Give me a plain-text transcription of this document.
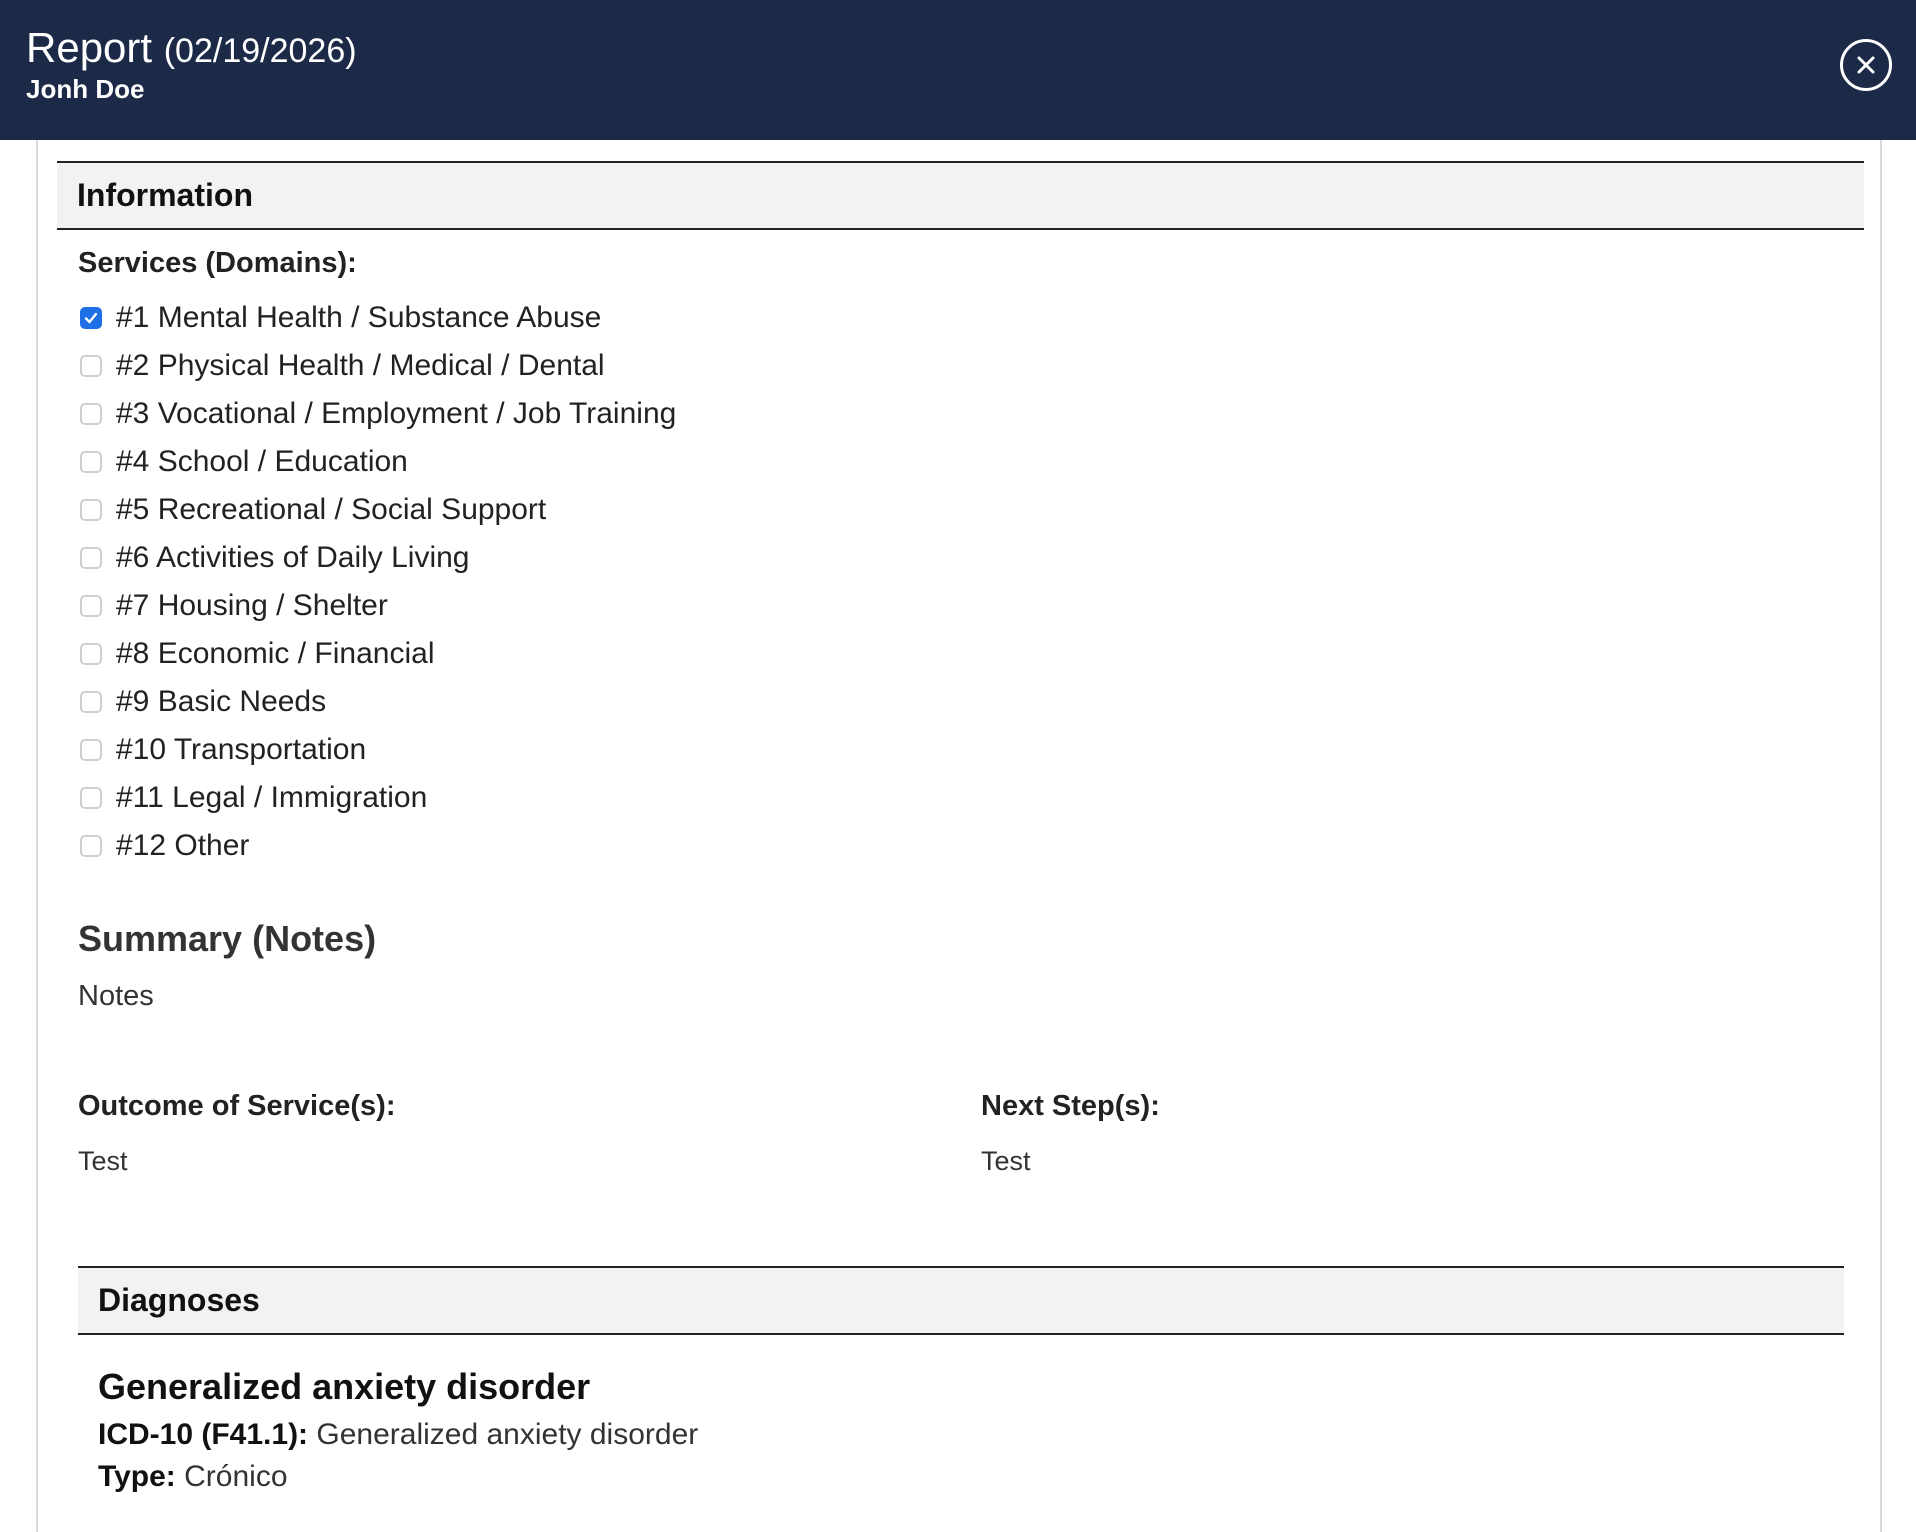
Report (02/19/2026)
Jonh Doe
Information
Services (Domains):
#1 Mental Health / Substance Abuse
#2 Physical Health / Medical / Dental
#3 Vocational / Employment / Job Training
#4 School / Education
#5 Recreational / Social Support
#6 Activities of Daily Living
#7 Housing / Shelter
#8 Economic / Financial
#9 Basic Needs
#10 Transportation
#11 Legal / Immigration
#12 Other
Summary (Notes)
Notes
Outcome of Service(s):	Next Step(s):
Test	Test
Diagnoses
Generalized anxiety disorder
ICD-10 (F41.1): Generalized anxiety disorder
Type: Crónico
